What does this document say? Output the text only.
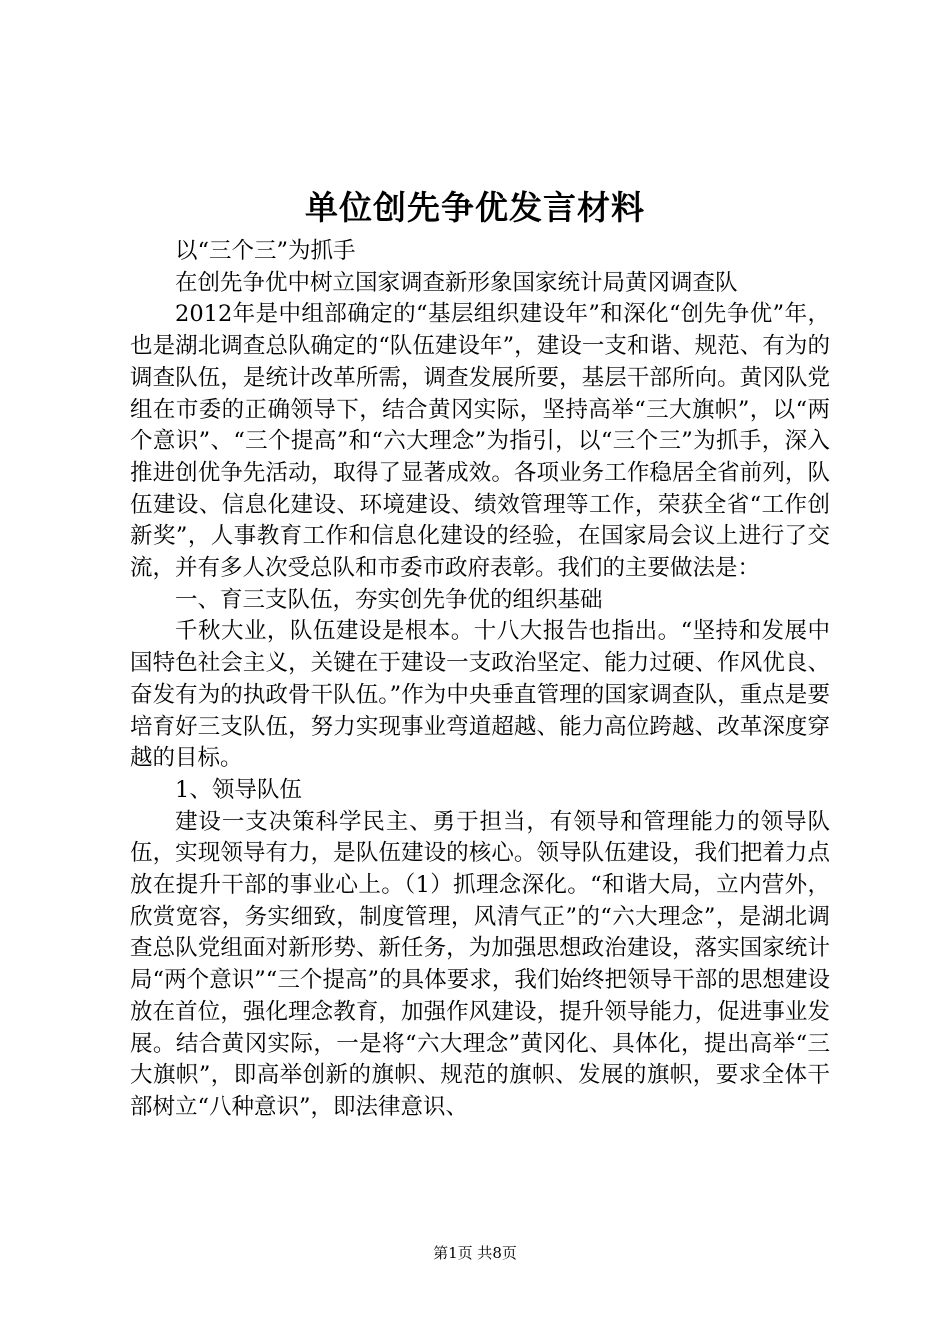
单位创先争优发言材料

以“三个三”为抓手

在创先争优中树立国家调查新形象国家统计局黄冈调查队

2012年是中组部确定的“基层组织建设年”和深化“创先争优”年，也是湖北调查总队确定的“队伍建设年”，建设一支和谐、规范、有为的调查队伍，是统计改革所需，调查发展所要，基层干部所向。黄冈队党组在市委的正确领导下，结合黄冈实际，坚持高举“三大旗帜”，以“两个意识”、“三个提高”和“六大理念”为指引，以“三个三”为抓手，深入推进创优争先活动，取得了显著成效。各项业务工作稳居全省前列，队伍建设、信息化建设、环境建设、绩效管理等工作，荣获全省“工作创新奖”，人事教育工作和信息化建设的经验，在国家局会议上进行了交流，并有多人次受总队和市委市政府表彰。我们的主要做法是：

一、育三支队伍，夯实创先争优的组织基础

千秋大业，队伍建设是根本。十八大报告也指出。“坚持和发展中国特色社会主义，关键在于建设一支政治坚定、能力过硬、作风优良、奋发有为的执政骨干队伍。”作为中央垂直管理的国家调查队，重点是要培育好三支队伍，努力实现事业弯道超越、能力高位跨越、改革深度穿越的目标。

1、领导队伍

建设一支决策科学民主、勇于担当，有领导和管理能力的领导队伍，实现领导有力，是队伍建设的核心。领导队伍建设，我们把着力点放在提升干部的事业心上。（1）抓理念深化。“和谐大局，立内营外，欣赏宽容，务实细致，制度管理，风清气正”的“六大理念”，是湖北调查总队党组面对新形势、新任务，为加强思想政治建设，落实国家统计局“两个意识”“三个提高”的具体要求，我们始终把领导干部的思想建设放在首位，强化理念教育，加强作风建设，提升领导能力，促进事业发展。结合黄冈实际，一是将“六大理念”黄冈化、具体化，提出高举“三大旗帜”，即高举创新的旗帜、规范的旗帜、发展的旗帜，要求全体干部树立“八种意识”，即法律意识、

第1页 共8页
